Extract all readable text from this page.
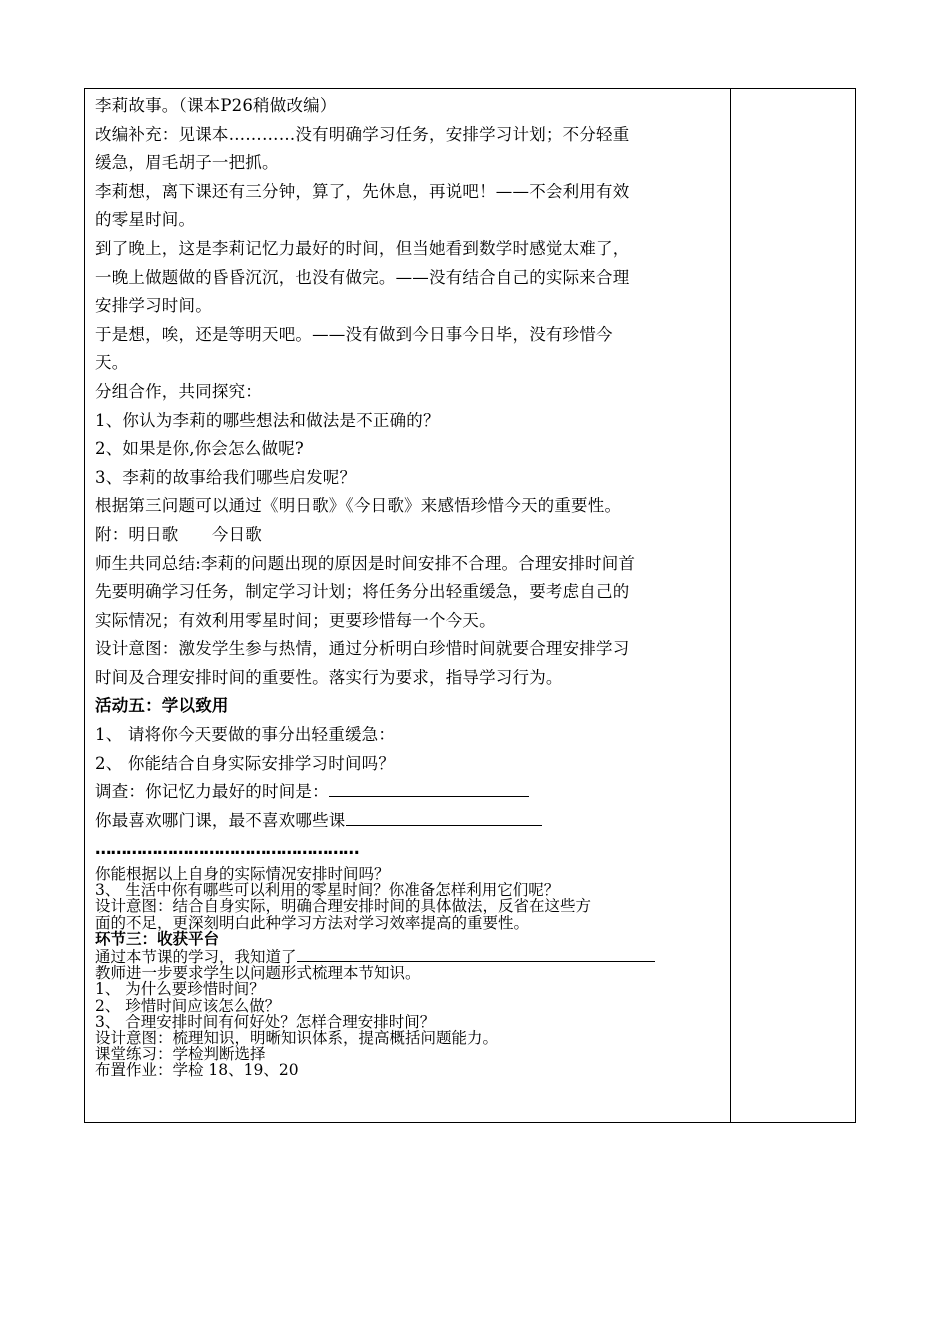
李莉故事。（课本P26稍做改编）

改编补充：见课本…………没有明确学习任务，安排学习计划；不分轻重

缓急，眉毛胡子一把抓。

李莉想，离下课还有三分钟，算了，先休息，再说吧！——不会利用有效

的零星时间。

到了晚上，这是李莉记忆力最好的时间，但当她看到数学时感觉太难了，

一晚上做题做的昏昏沉沉，也没有做完。——没有结合自己的实际来合理

安排学习时间。

于是想，唉，还是等明天吧。——没有做到今日事今日毕，没有珍惜今

天。

分组合作，共同探究：

1、你认为李莉的哪些想法和做法是不正确的？

2、如果是你,你会怎么做呢?

3、李莉的故事给我们哪些启发呢？

根据第三问题可以通过《明日歌》《今日歌》来感悟珍惜今天的重要性。

附：明日歌　　今日歌

师生共同总结:李莉的问题出现的原因是时间安排不合理。合理安排时间首

先要明确学习任务，制定学习计划；将任务分出轻重缓急，要考虑自己的

实际情况；有效利用零星时间；更要珍惜每一个今天。

设计意图：激发学生参与热情，通过分析明白珍惜时间就要合理安排学习

时间及合理安排时间的重要性。落实行为要求，指导学习行为。

活动五：学以致用

1、 请将你今天要做的事分出轻重缓急：

2、 你能结合自身实际安排学习时间吗？

调查：你记忆力最好的时间是：

你最喜欢哪门课，最不喜欢哪些课

……………………………………………

你能根据以上自身的实际情况安排时间吗？

3、 生活中你有哪些可以利用的零星时间？你准备怎样利用它们呢？

设计意图：结合自身实际，明确合理安排时间的具体做法，反省在这些方

面的不足，更深刻明白此种学习方法对学习效率提高的重要性。

环节三：收获平台

通过本节课的学习，我知道了

教师进一步要求学生以问题形式梳理本节知识。

1、 为什么要珍惜时间？

2、 珍惜时间应该怎么做？

3、 合理安排时间有何好处？怎样合理安排时间？

设计意图：梳理知识，明晰知识体系，提高概括问题能力。

课堂练习：学检判断选择

布置作业：学检 18、19、20
